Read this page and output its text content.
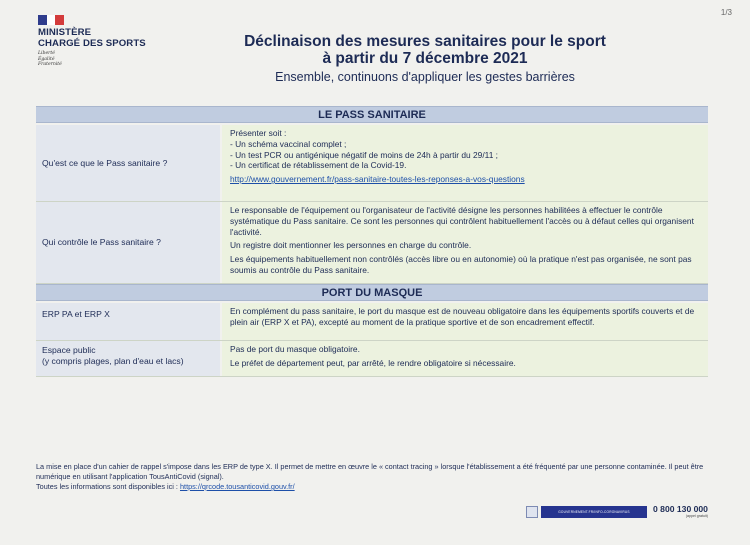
1/3
MINISTÈRE
CHARGÉ DES SPORTS
Liberté
Égalité
Fraternité
Déclinaison des mesures sanitaires pour le sport
à partir du 7 décembre 2021
Ensemble, continuons d'appliquer les gestes barrières
LE PASS SANITAIRE
Qu'est ce que le Pass sanitaire ?
Présenter soit :
- Un schéma vaccinal complet ;
- Un test PCR ou antigénique négatif de moins de 24h à partir du 29/11 ;
- Un certificat de rétablissement de la Covid-19.
http://www.gouvernement.fr/pass-sanitaire-toutes-les-reponses-a-vos-questions
Qui contrôle le Pass sanitaire ?
Le responsable de l'équipement ou l'organisateur de l'activité désigne les personnes habilitées à effectuer le contrôle systématique du Pass sanitaire. Ce sont les personnes qui contrôlent habituellement l'accès ou à défaut celles qui organisent l'activité.
Un registre doit mentionner les personnes en charge du contrôle.
Les équipements habituellement non contrôlés (accès libre ou en autonomie) où la pratique n'est pas organisée, ne sont pas soumis au contrôle du Pass sanitaire.
PORT DU MASQUE
ERP PA et ERP X	En complément du pass sanitaire, le port du masque est de nouveau obligatoire dans les équipements sportifs couverts et de plein air (ERP X et PA), excepté au moment de la pratique sportive et de son encadrement effectif.
Espace public
(y compris plages, plan d'eau et lacs)
Pas de port du masque obligatoire.
Le préfet de département peut, par arrêté, le rendre obligatoire si nécessaire.
La mise en place d'un cahier de rappel s'impose dans les ERP de type X. Il permet de mettre en œuvre le « contact tracing » lorsque l'établissement a été fréquenté par une personne contaminée. Il peut être numérique en utilisant l'application TousAntiCovid (signal).
Toutes les informations sont disponibles ici : https://qrcode.tousanticovid.gouv.fr/
GOUVERNEMENT.FR/INFO-CORONAVIRUS	0 800 130 000
(appel gratuit)
